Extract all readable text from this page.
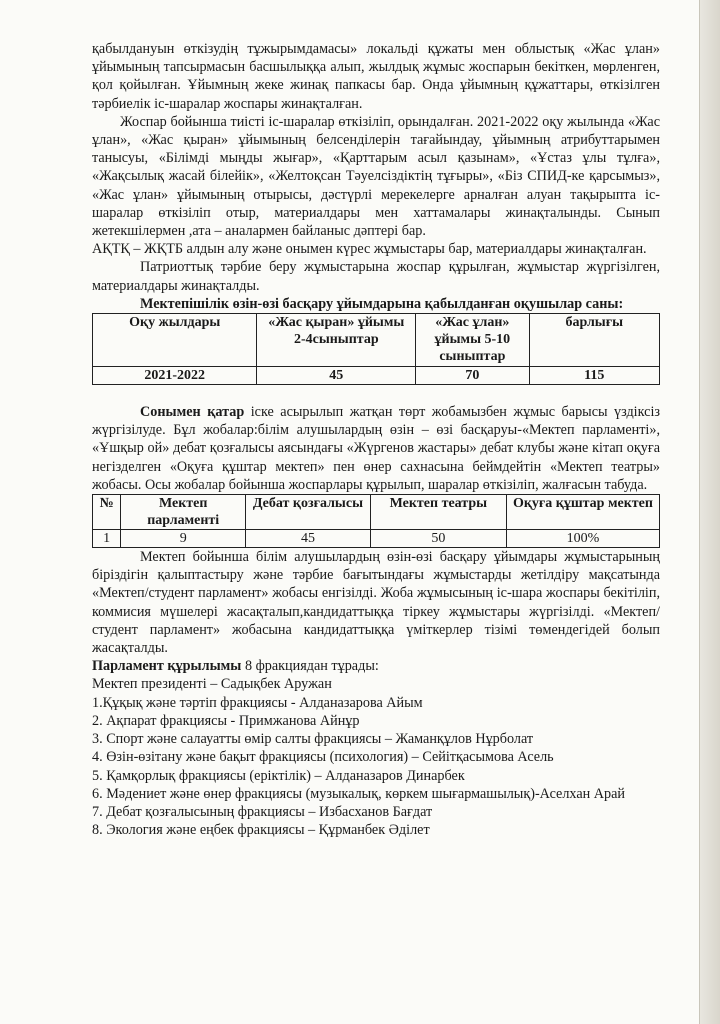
қабылдануын өткізудің тұжырымдамасы» локальді құжаты мен облыстық «Жас ұлан» ұйымының тапсырмасын басшылыққа алып, жылдық жұмыс жоспарын бекіткен, мөрленген, қол қойылған. Ұйымның жеке жинақ папкасы бар. Онда ұйымның құжаттары, өткізілген тәрбиелік іс-шаралар жоспары жинақталған.

Жоспар бойынша тиісті іс-шаралар өткізіліп, орындалған. 2021-2022 оқу жылында «Жас ұлан», «Жас қыран» ұйымының белсенділерін тағайындау, ұйымның атрибуттарымен танысуы, «Білімді мыңды жығар», «Қарттарым асыл қазынам», «Ұстаз ұлы тұлға», «Жақсылық жасай білейік», «Желтоқсан Тәуелсіздіктің тұғыры», «Біз СПИД-ке қарсымыз», «Жас ұлан» ұйымының отырысы, дәстүрлі мерекелерге арналған алуан тақырыпта іс-шаралар өткізіліп отыр, материалдары мен хаттамалары жинақталынды. Сынып жетекшілермен ,ата – аналармен байланыс дәптері бар.

АҚТҚ – ЖҚТБ алдын алу және онымен күрес жұмыстары бар, материалдары жинақталған.

Патриоттық тәрбие беру жұмыстарына жоспар құрылған, жұмыстар жүргізілген, материалдары жинақталды.

Мектепішілік өзін-өзі басқару ұйымдарына қабылданған оқушылар саны:

Оқу жылдары	«Жас қыран» ұйымы 2-4сыныптар	«Жас ұлан» ұйымы 5-10 сыныптар	барлығы
2021-2022	45	70	115

Сонымен қатар іске асырылып жатқан төрт жобамызбен жұмыс барысы үздіксіз жүргізілуде. Бұл жобалар:білім алушылардың өзін – өзі басқаруы-«Мектеп парламенті», «Ұшқыр ой» дебат қозғалысы аясындағы «Жүргенов жастары» дебат клубы және кітап оқуға негізделген «Оқуға құштар мектеп» пен өнер сахнасына беймдейтін «Мектеп театры» жобасы. Осы жобалар бойынша жоспарлары құрылып, шаралар өткізіліп, жалғасын табуда.

№	Мектеп парламенті	Дебат қозғалысы	Мектеп театры	Оқуға құштар мектеп
1	9	45	50	100%

Мектеп бойынша білім алушылардың өзін-өзі басқару ұйымдары жұмыстарының біріздігін қалыптастыру және тәрбие бағытындағы жұмыстарды жетілдіру мақсатында «Мектеп/студент парламент» жобасы енгізілді. Жоба жұмысының іс-шара жоспары бекітіліп, коммисия мүшелері жасақталып,кандидаттыққа тіркеу жұмыстары жүргізілді. «Мектеп/студент парламент» жобасына кандидаттыққа үміткерлер тізімі төмендегідей болып жасақталды.

Парламент құрылымы 8 фракциядан тұрады:

Мектеп президенті – Садықбек Аружан

1.Құқық және тәртіп фракциясы - Алданазарова Айым

2. Ақпарат фракциясы - Примжанова Айнұр

3. Спорт және салауатты өмір салты фракциясы – Жаманқұлов Нұрболат

4. Өзін-өзітану және бақыт фракциясы (психология) – Сейітқасымова Асель

5. Қамқорлық фракциясы (еріктілік) – Алданазаров Динарбек

6. Мәдениет және өнер фракциясы (музыкалық, көркем шығармашылық)-Аселхан Арай

7. Дебат қозғалысының фракциясы – Избасханов Бағдат

8. Экология және еңбек фракциясы – Құрманбек Әділет
